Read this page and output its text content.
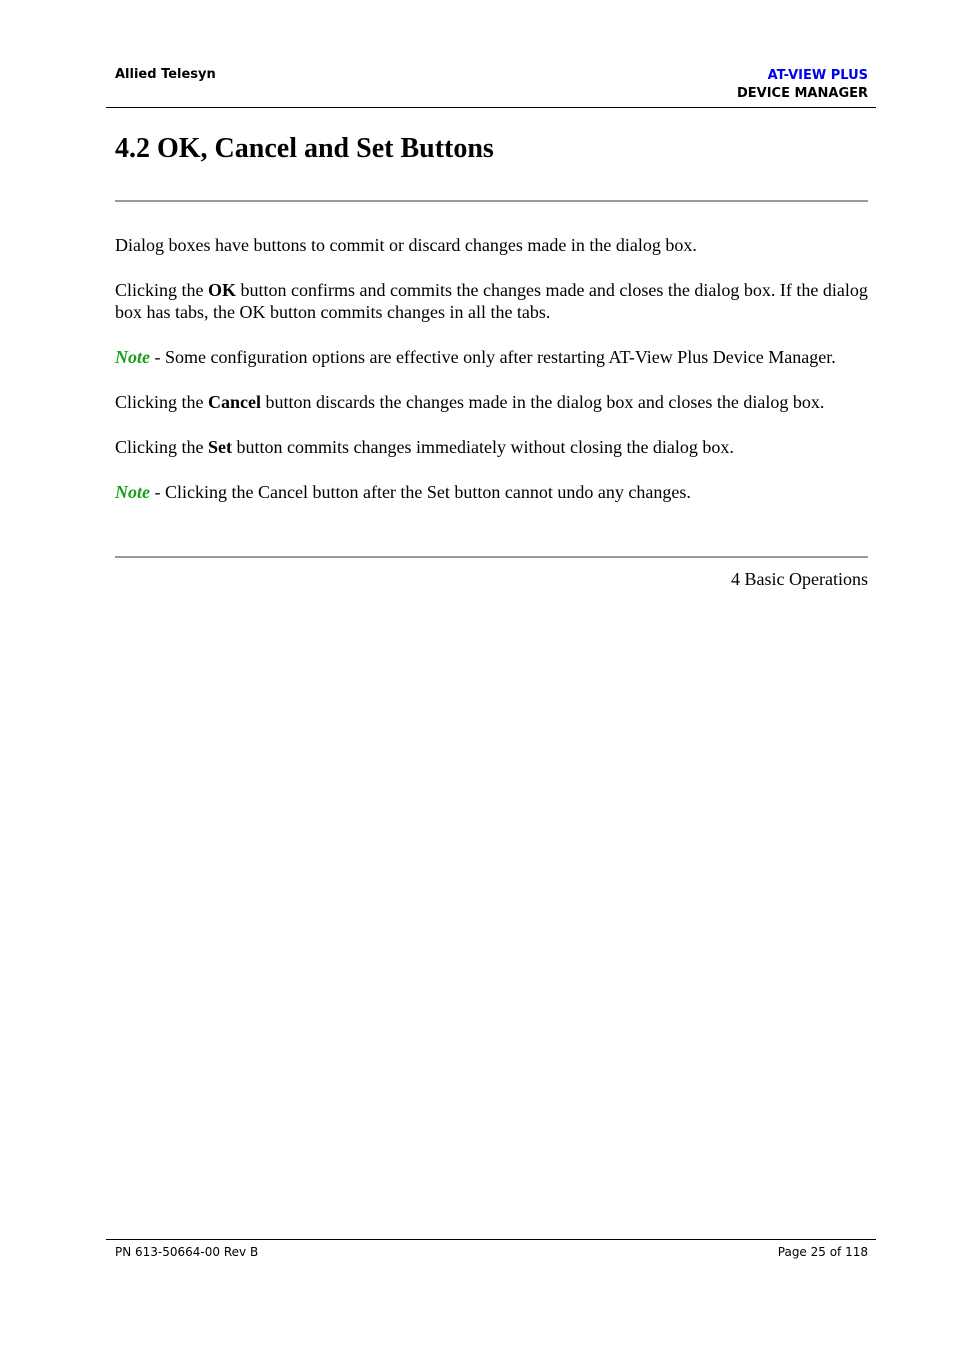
Allied Telesyn	AT-VIEW PLUS
DEVICE MANAGER
4.2 OK, Cancel and Set Buttons

Dialog boxes have buttons to commit or discard changes made in the dialog box.

Clicking the OK button confirms and commits the changes made and closes the dialog box. If the dialog box has tabs, the OK button commits changes in all the tabs.

Note - Some configuration options are effective only after restarting AT-View Plus Device Manager.

Clicking the Cancel button discards the changes made in the dialog box and closes the dialog box.

Clicking the Set button commits changes immediately without closing the dialog box.

Note - Clicking the Cancel button after the Set button cannot undo any changes.

4 Basic Operations
PN 613-50664-00 Rev B	Page 25 of 118
